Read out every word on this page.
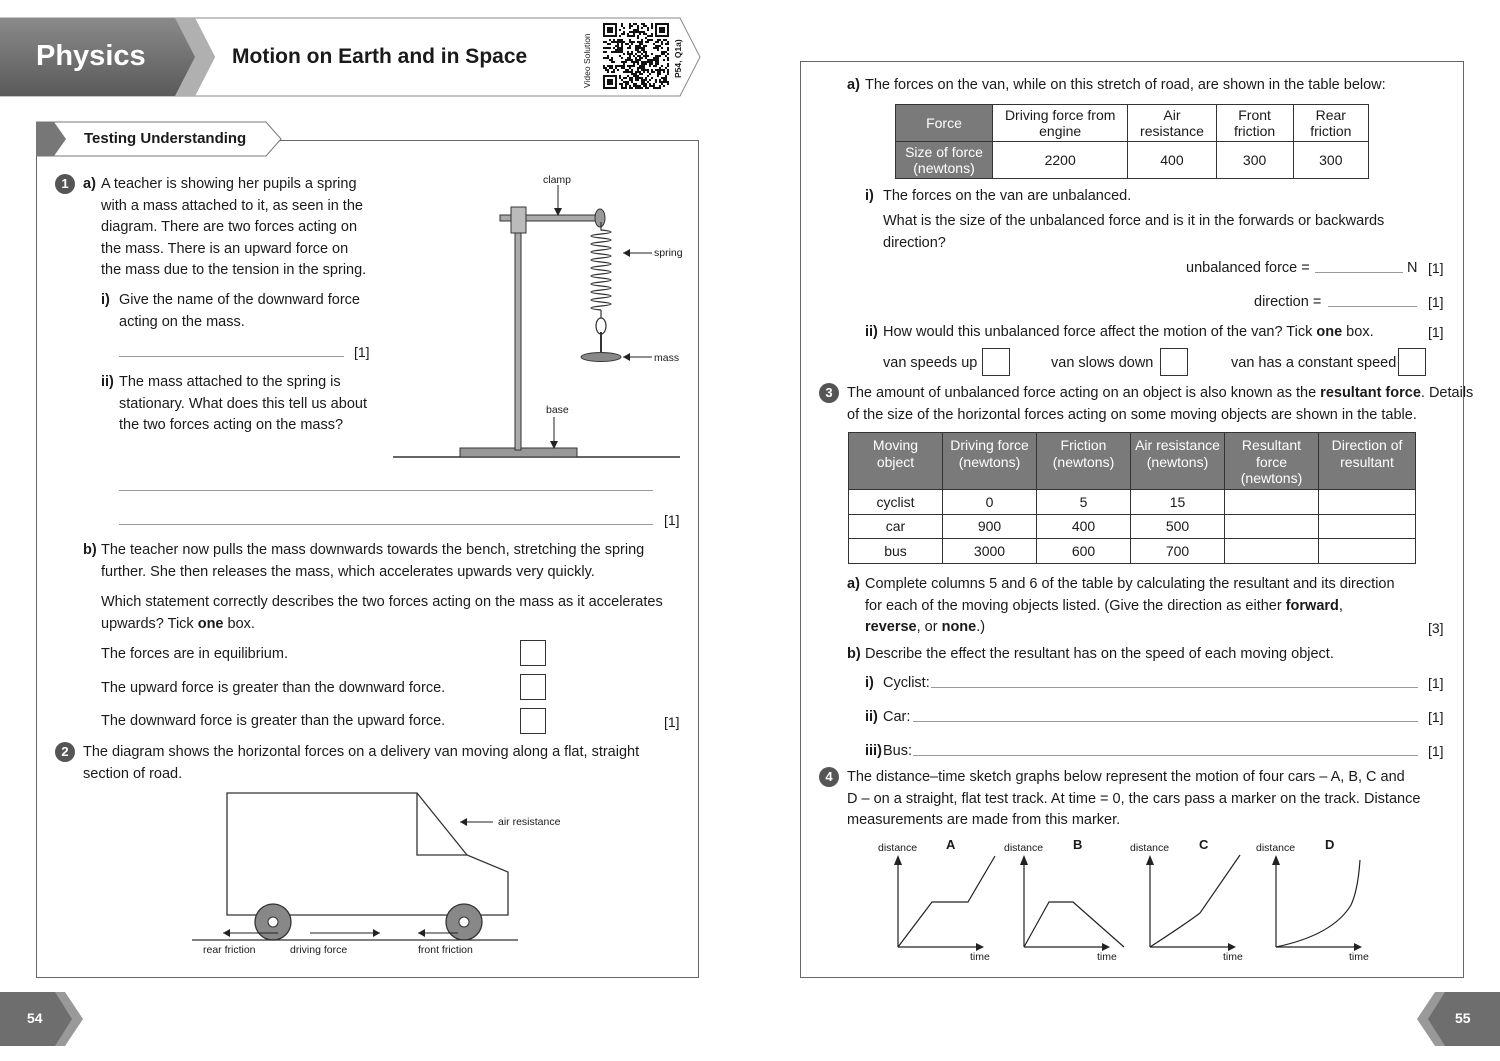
Physics	Motion on Earth and in Space	Video Solution	P54, Q1a)
Testing Understanding
1 a) A teacher is showing her pupils a spring
with a mass attached to it, as seen in the
diagram. There are two forces acting on
the mass. There is an upward force on
the mass due to the tension in the spring.
i) Give the name of the downward force
acting on the mass.
[1]
ii) The mass attached to the spring is
stationary. What does this tell us about
the two forces acting on the mass?
[1]
clamp
spring
mass
base
b) The teacher now pulls the mass downwards towards the bench, stretching the spring
further. She then releases the mass, which accelerates upwards very quickly.
Which statement correctly describes the two forces acting on the mass as it accelerates
upwards? Tick one box.
The forces are in equilibrium.
The upward force is greater than the downward force.
The downward force is greater than the upward force.	[1]
2 The diagram shows the horizontal forces on a delivery van moving along a flat, straight
section of road.
air resistance
rear friction	driving force	front friction
a) The forces on the van, while on this stretch of road, are shown in the table below:
Force	Driving force from engine	Air resistance	Front friction	Rear friction
Size of force (newtons)	2200	400	300	300
i) The forces on the van are unbalanced.
What is the size of the unbalanced force and is it in the forwards or backwards
direction?
unbalanced force =	N [1]
direction =	[1]
ii) How would this unbalanced force affect the motion of the van? Tick one box.	[1]
van speeds up	van slows down	van has a constant speed
3 The amount of unbalanced force acting on an object is also known as the resultant force. Details
of the size of the horizontal forces acting on some moving objects are shown in the table.
Moving object	Driving force (newtons)	Friction (newtons)	Air resistance (newtons)	Resultant force (newtons)	Direction of resultant
cyclist	0	5	15		
car	900	400	500		
bus	3000	600	700		
a) Complete columns 5 and 6 of the table by calculating the resultant and its direction
for each of the moving objects listed. (Give the direction as either forward,
reverse, or none.)	[3]
b) Describe the effect the resultant has on the speed of each moving object.
i) Cyclist:	[1]
ii) Car:	[1]
iii) Bus:	[1]
4 The distance–time sketch graphs below represent the motion of four cars – A, B, C and
D – on a straight, flat test track. At time = 0, the cars pass a marker on the track. Distance
measurements are made from this marker.
distance A
time
distance B
time
distance C
time
distance D
time
54	55
